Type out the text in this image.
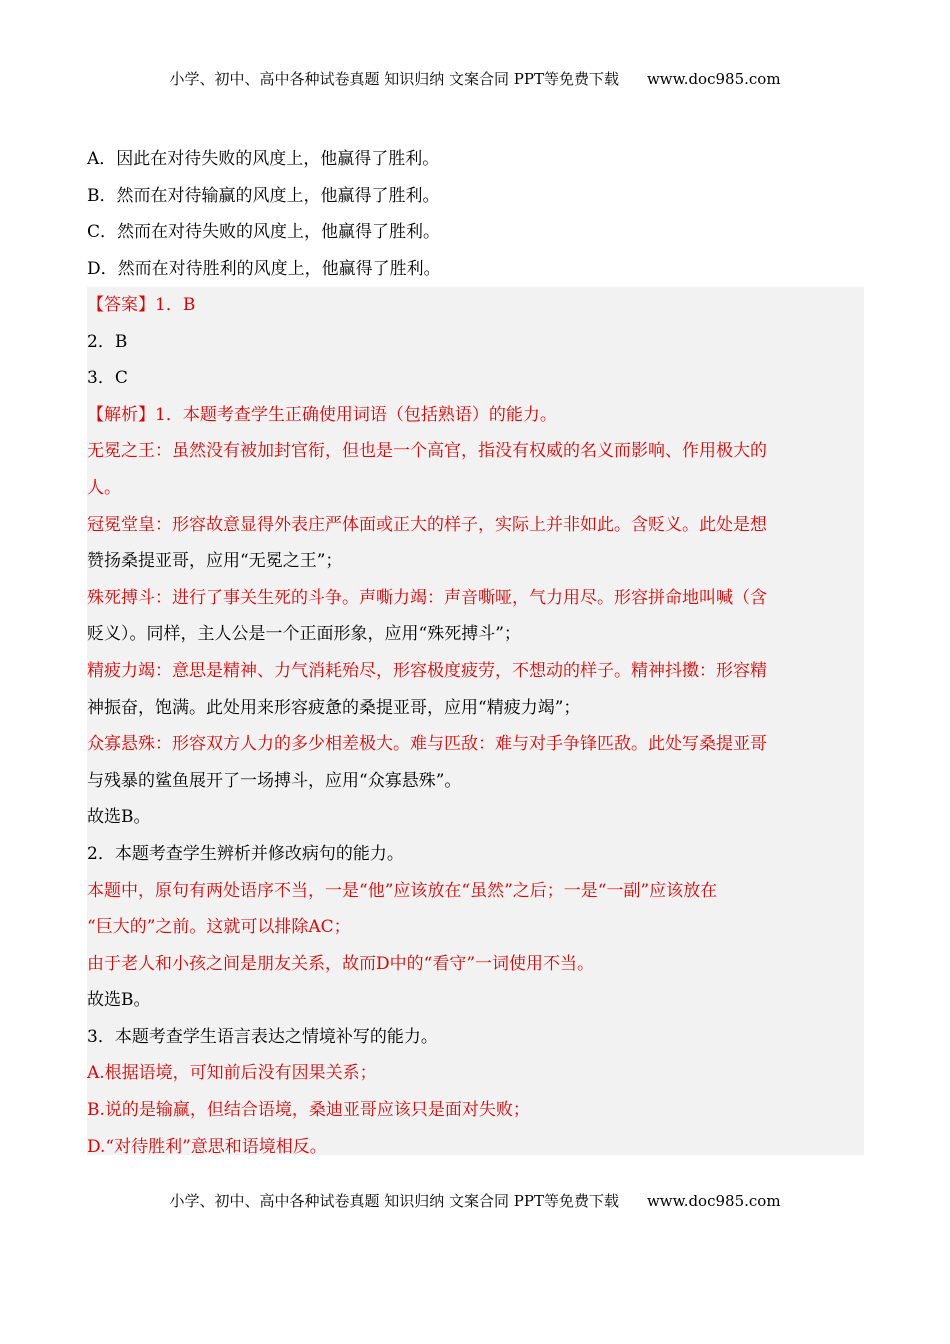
小学、初中、高中各种试卷真题 知识归纳 文案合同 PPT等免费下载 www.doc985.com
A．因此在对待失败的风度上，他赢得了胜利。
B．然而在对待输赢的风度上，他赢得了胜利。
C．然而在对待失败的风度上，他赢得了胜利。
D．然而在对待胜利的风度上，他赢得了胜利。
【答案】1．B
2．B
3．C
【解析】1．本题考查学生正确使用词语（包括熟语）的能力。
无冕之王：虽然没有被加封官衔，但也是一个高官，指没有权威的名义而影响、作用极大的
人。
冠冕堂皇：形容故意显得外表庄严体面或正大的样子，实际上并非如此。含贬义。此处是想
赞扬桑提亚哥，应用“无冕之王”；
殊死搏斗：进行了事关生死的斗争。声嘶力竭：声音嘶哑，气力用尽。形容拼命地叫喊（含
贬义）。同样，主人公是一个正面形象，应用“殊死搏斗”；
精疲力竭：意思是精神、力气消耗殆尽，形容极度疲劳，不想动的样子。精神抖擞：形容精
神振奋，饱满。此处用来形容疲惫的桑提亚哥，应用“精疲力竭”；
众寡悬殊：形容双方人力的多少相差极大。难与匹敌：难与对手争锋匹敌。此处写桑提亚哥
与残暴的鲨鱼展开了一场搏斗，应用“众寡悬殊”。
故选B。
2．本题考查学生辨析并修改病句的能力。
本题中，原句有两处语序不当，一是“他”应该放在“虽然”之后；一是“一副”应该放在
“巨大的”之前。这就可以排除AC；
由于老人和小孩之间是朋友关系，故而D中的“看守”一词使用不当。
故选B。
3．本题考查学生语言表达之情境补写的能力。
A.根据语境，可知前后没有因果关系；
B.说的是输赢，但结合语境，桑迪亚哥应该只是面对失败；
D.“对待胜利”意思和语境相反。
小学、初中、高中各种试卷真题 知识归纳 文案合同 PPT等免费下载 www.doc985.com
